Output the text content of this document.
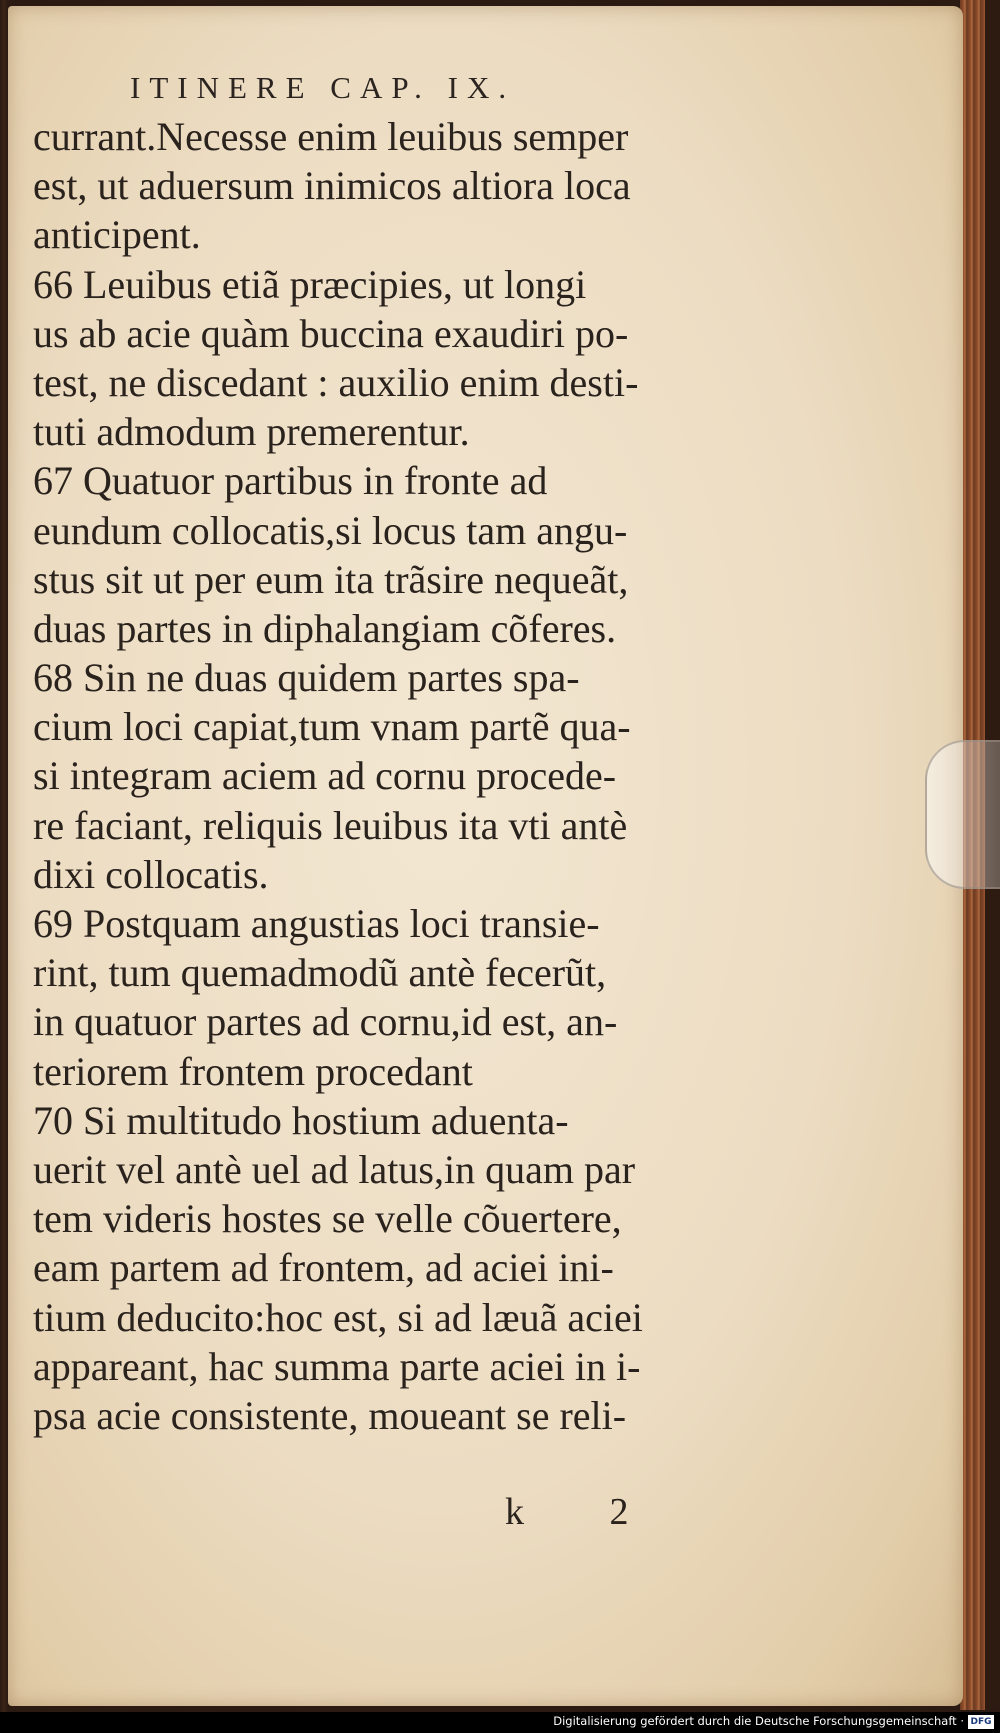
ITINERE CAP. IX.
currant.Necesse enim leuibus semper
est, ut aduersum inimicos altiora loca
anticipent.
66 Leuibus etiã præcipies, ut longi
us ab acie quàm buccina exaudiri po-
test, ne discedant : auxilio enim desti-
tuti admodum premerentur.
67 Quatuor partibus in fronte ad
eundum collocatis,si locus tam angu-
stus sit ut per eum ita trãsire nequeãt,
duas partes in diphalangiam cõferes.
68 Sin ne duas quidem partes spa-
cium loci capiat,tum vnam partẽ qua-
si integram aciem ad cornu procede-
re faciant, reliquis leuibus ita vti antè
dixi collocatis.
69 Postquam angustias loci transie-
rint, tum quemadmodũ antè fecerũt,
in quatuor partes ad cornu,id est, an-
teriorem frontem procedant
70 Si multitudo hostium aduenta-
uerit vel antè uel ad latus,in quam par
tem videris hostes se velle cõuertere,
eam partem ad frontem, ad aciei ini-
tium deducito:hoc est, si ad læuã aciei
appareant, hac summa parte aciei in i-
psa acie consistente, moueant se reli-
k 2
Digitalisierung gefördert durch die Deutsche Forschungsgemeinschaft · DFG
